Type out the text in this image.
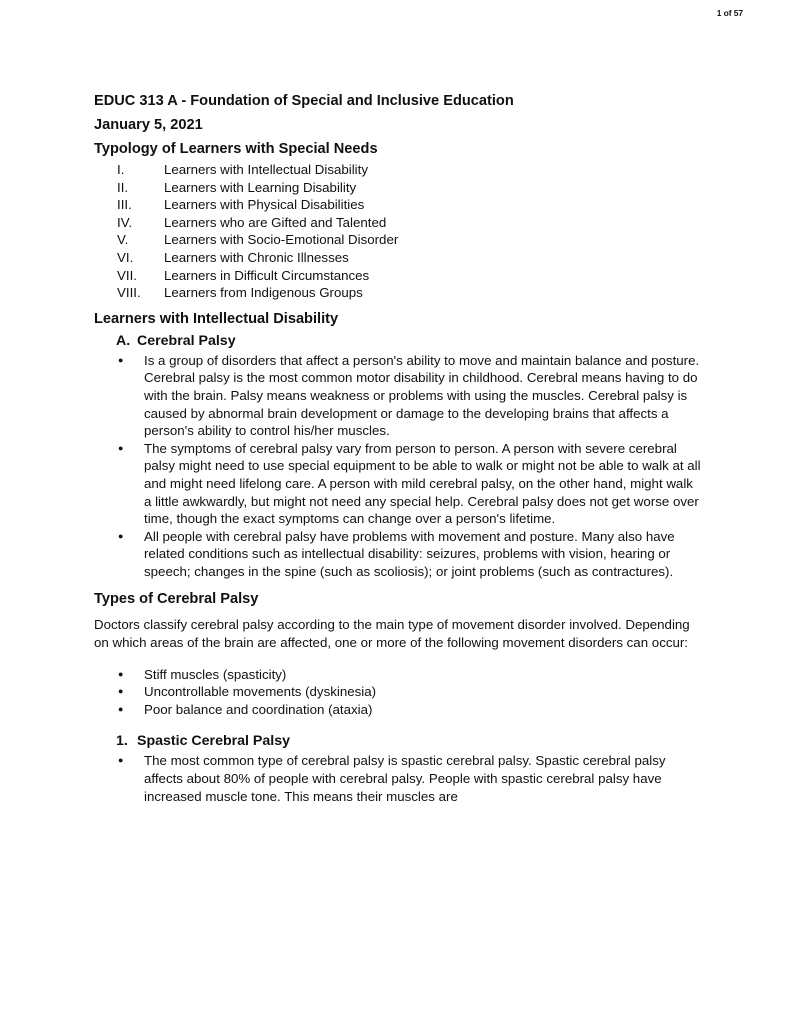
1 of 57

EDUC 313 A - Foundation of Special and Inclusive Education

January 5, 2021

Typology of Learners with Special Needs

I.	Learners with Intellectual Disability
II.	Learners with Learning Disability
III.	Learners with Physical Disabilities
IV.	Learners who are Gifted and Talented
V.	Learners with Socio-Emotional Disorder
VI.	Learners with Chronic Illnesses
VII.	Learners in Difficult Circumstances
VIII.	Learners from Indigenous Groups

Learners with Intellectual Disability

A. Cerebral Palsy

●	Is a group of disorders that affect a person's ability to move and maintain balance and posture. Cerebral palsy is the most common motor disability in childhood. Cerebral means having to do with the brain. Palsy means weakness or problems with using the muscles. Cerebral palsy is caused by abnormal brain development or damage to the developing brains that affects a person's ability to control his/her muscles.
●	The symptoms of cerebral palsy vary from person to person. A person with severe cerebral palsy might need to use special equipment to be able to walk or might not be able to walk at all and might need lifelong care. A person with mild cerebral palsy, on the other hand, might walk a little awkwardly, but might not need any special help. Cerebral palsy does not get worse over time, though the exact symptoms can change over a person's lifetime.
●	All people with cerebral palsy have problems with movement and posture. Many also have related conditions such as intellectual disability: seizures, problems with vision, hearing or speech; changes in the spine (such as scoliosis); or joint problems (such as contractures).

Types of Cerebral Palsy

Doctors classify cerebral palsy according to the main type of movement disorder involved. Depending on which areas of the brain are affected, one or more of the following movement disorders can occur:

●	Stiff muscles (spasticity)
●	Uncontrollable movements (dyskinesia)
●	Poor balance and coordination (ataxia)

1. Spastic Cerebral Palsy

●	The most common type of cerebral palsy is spastic cerebral palsy. Spastic cerebral palsy affects about 80% of people with cerebral palsy. People with spastic cerebral palsy have increased muscle tone. This means their muscles are
